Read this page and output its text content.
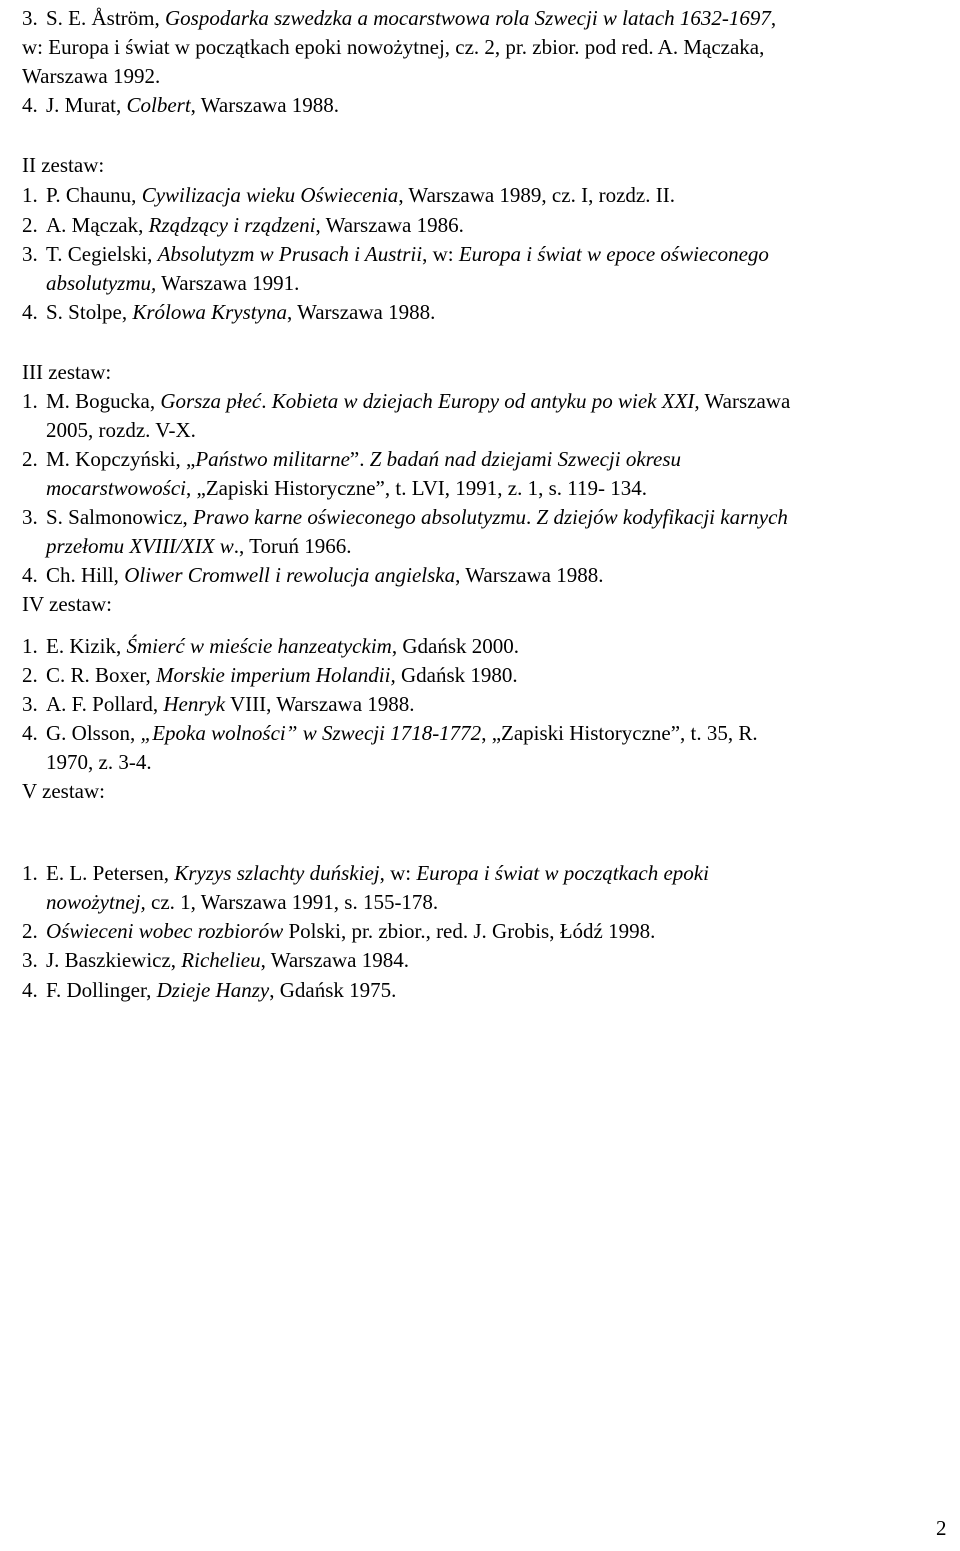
3. S. E. Åström, Gospodarka szwedzka a mocarstwowa rola Szwecji w latach 1632-1697,
w: Europa i świat w początkach epoki nowożytnej, cz. 2, pr. zbior. pod red. A. Mączaka,
Warszawa 1992.
4. J. Murat, Colbert, Warszawa 1988.
II zestaw:
1. P. Chaunu, Cywilizacja wieku Oświecenia, Warszawa 1989, cz. I, rozdz. II.
2. A. Mączak, Rządzący i rządzeni, Warszawa 1986.
3. T. Cegielski, Absolutyzm w Prusach i Austrii, w: Europa i świat w epoce oświeconego
absolutyzmu, Warszawa 1991.
4. S. Stolpe, Królowa Krystyna, Warszawa 1988.
III zestaw:
1. M. Bogucka, Gorsza płeć. Kobieta w dziejach Europy od antyku po wiek XXI, Warszawa
2005, rozdz. V-X.
2. M. Kopczyński, „Państwo militarne”. Z badań nad dziejami Szwecji okresu
mocarstwowości, „Zapiski Historyczne”, t. LVI, 1991, z. 1, s. 119- 134.
3. S. Salmonowicz, Prawo karne oświeconego absolutyzmu. Z dziejów kodyfikacji karnych
przełomu XVIII/XIX w., Toruń 1966.
4. Ch. Hill, Oliwer Cromwell i rewolucja angielska, Warszawa 1988.
IV zestaw:
1. E. Kizik, Śmierć w mieście hanzeatyckim, Gdańsk 2000.
2. C. R. Boxer, Morskie imperium Holandii, Gdańsk 1980.
3. A. F. Pollard, Henryk VIII, Warszawa 1988.
4. G. Olsson, „Epoka wolności” w Szwecji 1718-1772, „Zapiski Historyczne”, t. 35, R.
1970, z. 3-4.
V zestaw:
1. E. L. Petersen, Kryzys szlachty duńskiej, w: Europa i świat w początkach epoki
nowożytnej, cz. 1, Warszawa 1991, s. 155-178.
2. Oświeceni wobec rozbiorów Polski, pr. zbior., red. J. Grobis, Łódź 1998.
3. J. Baszkiewicz, Richelieu, Warszawa 1984.
4. F. Dollinger, Dzieje Hanzy, Gdańsk 1975.
2
